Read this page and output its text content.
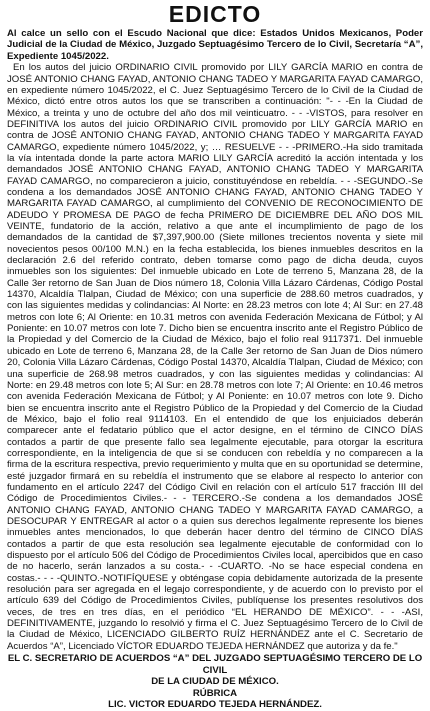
EDICTO

Al calce un sello con el Escudo Nacional que dice: Estados Unidos Mexicanos, Poder Judicial de la Ciudad de México, Juzgado Septuagésimo Tercero de lo Civil, Secretaría “A”, Expediente 1045/2022.

En los autos del juicio ORDINARIO CIVIL promovido por LILY GARCÍA MARIO en contra de JOSÉ ANTONIO CHANG FAYAD, ANTONIO CHANG TADEO Y MARGARITA FAYAD CAMARGO, en expediente número 1045/2022, el C. Juez Septuagésimo Tercero de lo Civil de la Ciudad de México, dictó entre otros autos los que se transcriben a continuación: "- - -En la Ciudad de México, a treinta y uno de octubre del año dos mil veinticuatro. - - -VISTOS, para resolver en DEFINITIVA los autos del juicio ORDINARIO CIVIL promovido por LILY GARCÍA MARIO en contra de JOSÉ ANTONIO CHANG FAYAD, ANTONIO CHANG TADEO Y MARGARITA FAYAD CAMARGO, expediente número 1045/2022, y; … RESUELVE - - -PRIMERO.-Ha sido tramitada la vía intentada donde la parte actora MARIO LILY GARCÍA acreditó la acción intentada y los demandados JOSÉ ANTONIO CHANG FAYAD, ANTONIO CHANG TADEO Y MARGARITA FAYAD CAMARGO, no comparecieron a juicio, constituyéndose en rebeldía. - - -SEGUNDO.-Se condena a los demandados JOSÉ ANTONIO CHANG FAYAD, ANTONIO CHANG TADEO Y MARGARITA FAYAD CAMARGO, al cumplimiento del CONVENIO DE RECONOCIMIENTO DE ADEUDO Y PROMESA DE PAGO de fecha PRIMERO DE DICIEMBRE DEL AÑO DOS MIL VEINTE, fundatorio de la acción, relativo a que ante el incumplimiento de pago de los demandados de la cantidad de $7,397,900.00 (Siete millones trecientos noventa y siete mil novecientos pesos 00/100 M.N.) en la fecha establecida, los bienes inmuebles descritos en la declaración 2.6 del referido contrato, deben tomarse como pago de dicha deuda, cuyos inmuebles son los siguientes: Del inmueble ubicado en Lote de terreno 5, Manzana 28, de la Calle 3er retorno de San Juan de Dios número 18, Colonia Villa Lázaro Cárdenas, Código Postal 14370, Alcaldía Tlalpan, Ciudad de México; con una superficie de 288.60 metros cuadrados, y con las siguientes medidas y colindancias: Al Norte: en 28.23 metros con lote 4; Al Sur: en 27.48 metros con lote 6; Al Oriente: en 10.31 metros con avenida Federación Mexicana de Fútbol; y Al Poniente: en 10.07 metros con lote 7. Dicho bien se encuentra inscrito ante el Registro Público de la Propiedad y del Comercio de la Ciudad de México, bajo el folio real 9117371. Del inmueble ubicado en Lote de terreno 6, Manzana 28, de la Calle 3er retorno de San Juan de Dios número 20, Colonia Villa Lázaro Cárdenas, Código Postal 14370, Alcaldía Tlalpan, Ciudad de México; con una superficie de 268.98 metros cuadrados, y con las siguientes medidas y colindancias: Al Norte: en 29.48 metros con lote 5; Al Sur: en 28.78 metros con lote 7; Al Oriente: en 10.46 metros con avenida Federación Mexicana de Fútbol; y Al Poniente: en 10.07 metros con lote 9. Dicho bien se encuentra inscrito ante el Registro Público de la Propiedad y del Comercio de la Ciudad de México, bajo el folio real 9114103. En el entendido de que los enjuiciados deberán comparecer ante el fedatario público que el actor designe, en el término de CINCO DÍAS contados a partir de que presente fallo sea legalmente ejecutable, para otorgar la escritura correspondiente, en la inteligencia de que si se conducen con rebeldía y no comparecen a la firma de la escritura respectiva, previo requerimiento y multa que en su oportunidad se determine, esté juzgador firmará en su rebeldía el instrumento que se elabore al respecto lo anterior con fundamento en el artículo 2247 del Código Civil en relación con el artículo 517 fracción III del Código de Procedimientos Civiles.- - - TERCERO.-Se condena a los demandados JOSÉ ANTONIO CHANG FAYAD, ANTONIO CHANG TADEO Y MARGARITA FAYAD CAMARGO, a DESOCUPAR Y ENTREGAR al actor o a quien sus derechos legalmente represente los bienes inmuebles antes mencionados, lo que deberán hacer dentro del término de CINCO DÍAS contados a partir de que esta resolución sea legalmente ejecutable de conformidad con lo dispuesto por el artículo 506 del Código de Procedimientos Civiles local, apercibidos que en caso de no hacerlo, serán lanzados a su costa.- - -CUARTO. -No se hace especial condena en costas.- - - -QUINTO.-NOTIFÍQUESE y obténgase copia debidamente autorizada de la presente resolución para ser agregada en el legajo correspondiente, y de acuerdo con lo previsto por el artículo 639 del Código de Procedimientos Civiles, publíquense los presentes resolutivos dos veces, de tres en tres días, en el periódico “EL HERANDO DE MÉXICO”. - - -ASI, DEFINITIVAMENTE, juzgando lo resolvió y firma el C. Juez Septuagésimo Tercero de lo Civil de la Ciudad de México, LICENCIADO GILBERTO RUÍZ HERNÁNDEZ ante el C. Secretario de Acuerdos “A”, Licenciado VÍCTOR EDUARDO TEJEDA HERNÁNDEZ que autoriza y da fe."

EL C. SECRETARIO DE ACUERDOS “A” DEL JUZGADO SEPTUAGÉSIMO TERCERO DE LO CIVIL
DE LA CIUDAD DE MÉXICO.
RÚBRICA
LIC. VICTOR EDUARDO TEJEDA HERNÁNDEZ.
